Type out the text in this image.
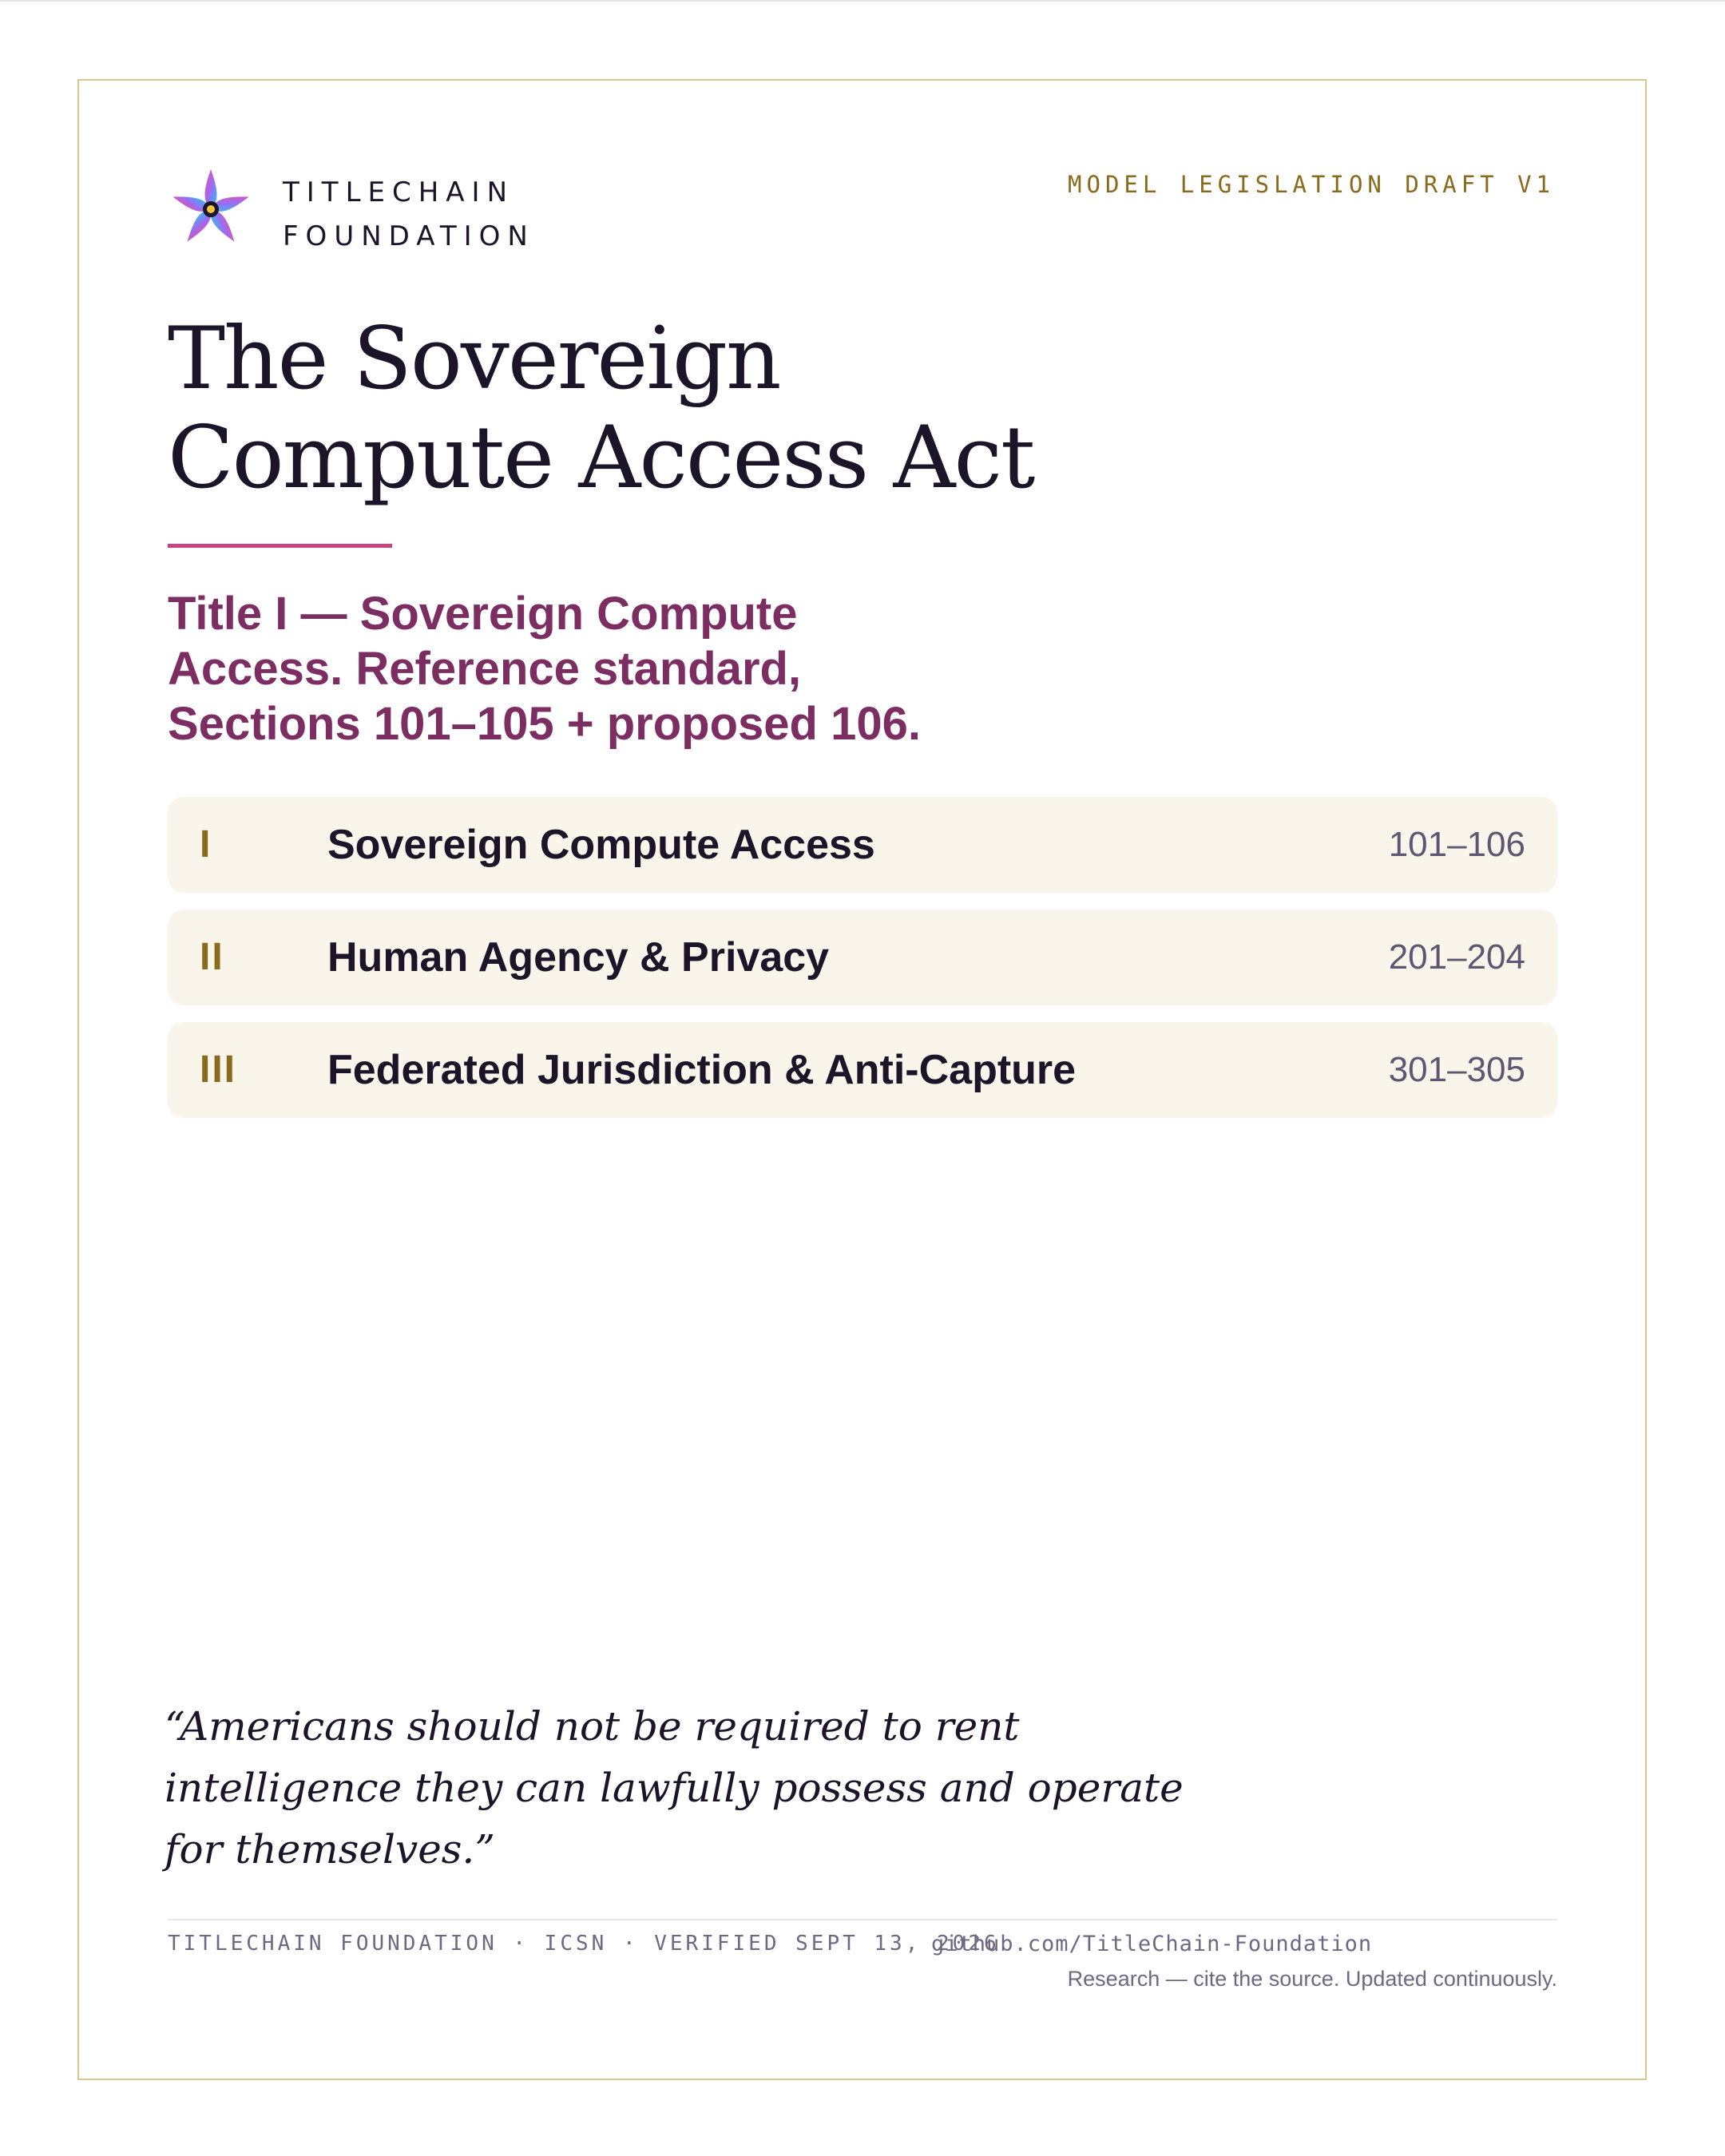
TITLECHAIN
FOUNDATION
MODEL LEGISLATION DRAFT V1
The Sovereign
Compute Access Act
Title I — Sovereign Compute
Access. Reference standard,
Sections 101–105 + proposed 106.
I	Sovereign Compute Access	101–106
II Human Agency & Privacy	201–204
III Federated Jurisdiction & Anti-Capture	301–305
“Americans should not be required to rent
intelligence they can lawfully possess and operate
for themselves.”
TITLECHAIN FOUNDATION · ICSN · VERIFIED SEPT 13, 2026
github.com/TitleChain-Foundation
Research — cite the source. Updated continuously.
